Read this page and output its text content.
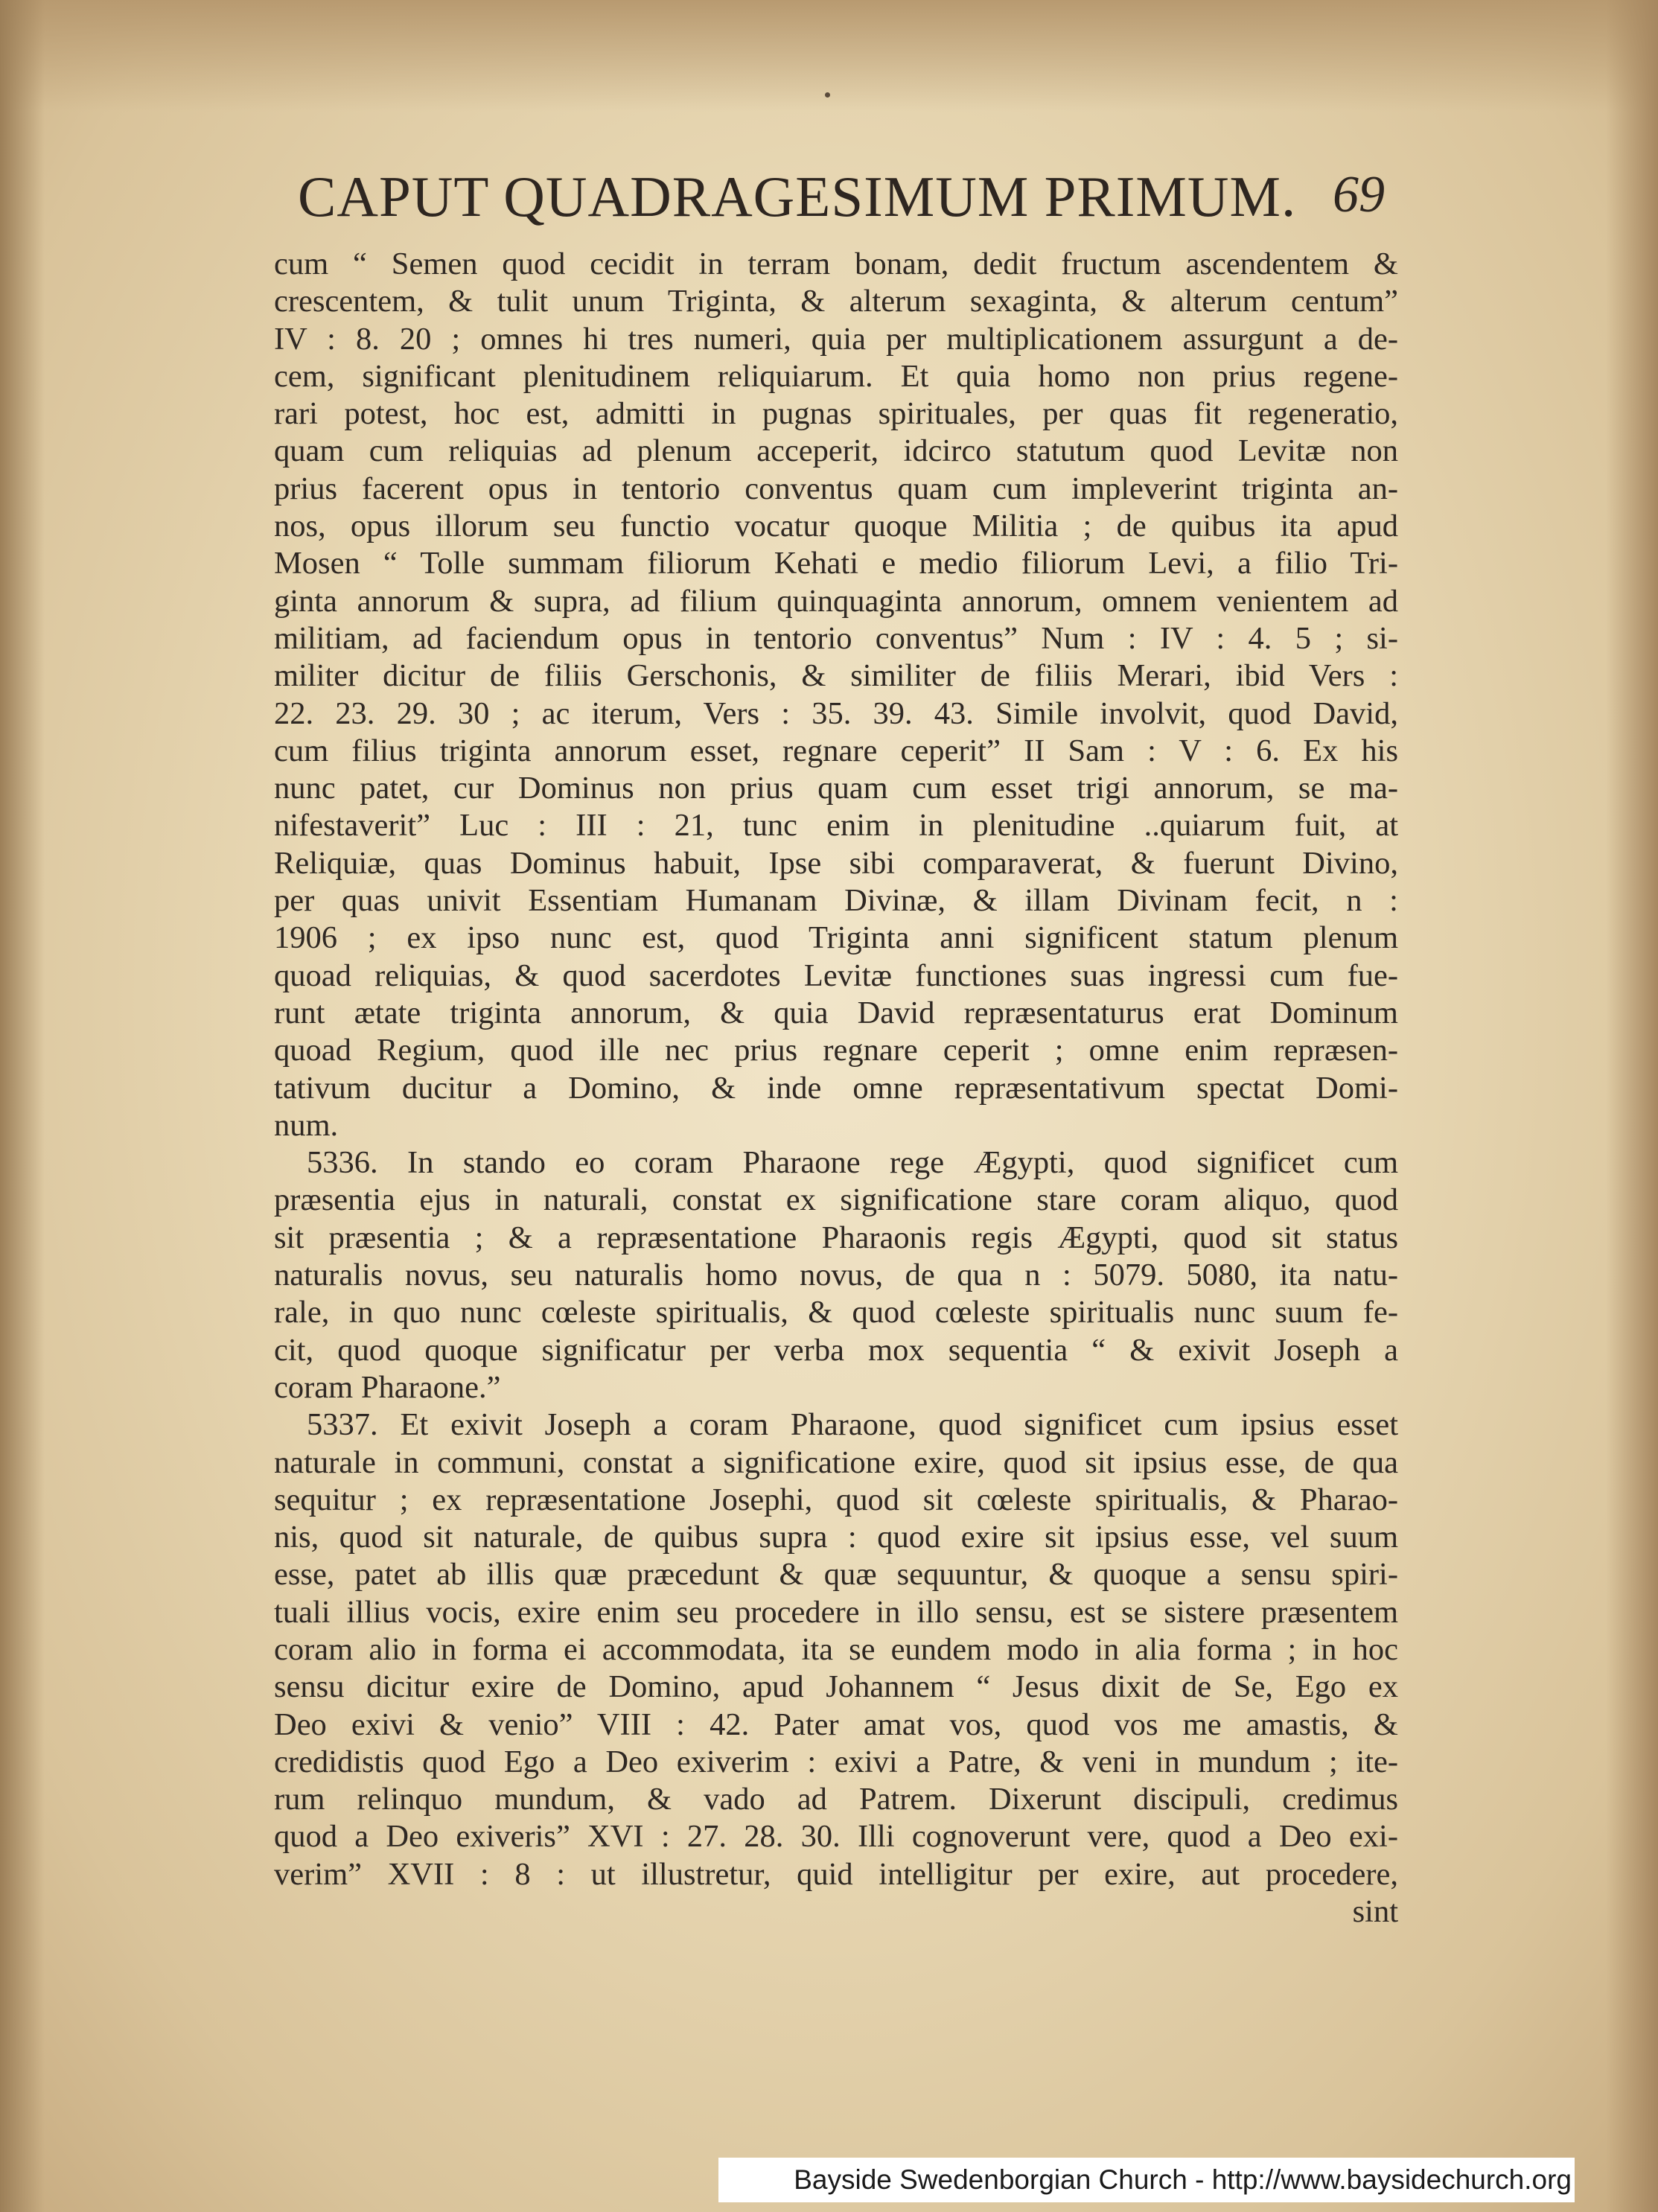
CAPUT QUADRAGESIMUM PRIMUM. 69
cum “ Semen quod cecidit in terram bonam, dedit fructum ascendentem &
crescentem, & tulit unum Triginta, & alterum sexaginta, & alterum centum”
IV : 8. 20 ; omnes hi tres numeri, quia per multiplicationem assurgunt a de-
cem, significant plenitudinem reliquiarum. Et quia homo non prius regene-
rari potest, hoc est, admitti in pugnas spirituales, per quas fit regeneratio,
quam cum reliquias ad plenum acceperit, idcirco statutum quod Levitæ non
prius facerent opus in tentorio conventus quam cum impleverint triginta an-
nos, opus illorum seu functio vocatur quoque Militia ; de quibus ita apud
Mosen “ Tolle summam filiorum Kehati e medio filiorum Levi, a filio Tri-
ginta annorum & supra, ad filium quinquaginta annorum, omnem venientem ad
militiam, ad faciendum opus in tentorio conventus” Num : IV : 4. 5 ; si-
militer dicitur de filiis Gerschonis, & similiter de filiis Merari, ibid Vers :
22. 23. 29. 30 ; ac iterum, Vers : 35. 39. 43. Simile involvit, quod David,
cum filius triginta annorum esset, regnare ceperit” II Sam : V : 6. Ex his
nunc patet, cur Dominus non prius quam cum esset trigi annorum, se ma-
nifestaverit” Luc : III : 21, tunc enim in plenitudine ..quiarum fuit, at
Reliquiæ, quas Dominus habuit, Ipse sibi comparaverat, & fuerunt Divino,
per quas univit Essentiam Humanam Divinæ, & illam Divinam fecit, n :
1906 ; ex ipso nunc est, quod Triginta anni significent statum plenum
quoad reliquias, & quod sacerdotes Levitæ functiones suas ingressi cum fue-
runt ætate triginta annorum, & quia David repræsentaturus erat Dominum
quoad Regium, quod ille nec prius regnare ceperit ; omne enim repræsen-
tativum ducitur a Domino, & inde omne repræsentativum spectat Domi-
num.
5336. In stando eo coram Pharaone rege Ægypti, quod significet cum
præsentia ejus in naturali, constat ex significatione stare coram aliquo, quod
sit præsentia ; & a repræsentatione Pharaonis regis Ægypti, quod sit status
naturalis novus, seu naturalis homo novus, de qua n : 5079. 5080, ita natu-
rale, in quo nunc cœleste spiritualis, & quod cœleste spiritualis nunc suum fe-
cit, quod quoque significatur per verba mox sequentia “ & exivit Joseph a
coram Pharaone.”
5337. Et exivit Joseph a coram Pharaone, quod significet cum ipsius esset
naturale in communi, constat a significatione exire, quod sit ipsius esse, de qua
sequitur ; ex repræsentatione Josephi, quod sit cœleste spiritualis, & Pharao-
nis, quod sit naturale, de quibus supra : quod exire sit ipsius esse, vel suum
esse, patet ab illis quæ præcedunt & quæ sequuntur, & quoque a sensu spiri-
tuali illius vocis, exire enim seu procedere in illo sensu, est se sistere præsentem
coram alio in forma ei accommodata, ita se eundem modo in alia forma ; in hoc
sensu dicitur exire de Domino, apud Johannem “ Jesus dixit de Se, Ego ex
Deo exivi & venio” VIII : 42. Pater amat vos, quod vos me amastis, &
credidistis quod Ego a Deo exiverim : exivi a Patre, & veni in mundum ; ite-
rum relinquo mundum, & vado ad Patrem. Dixerunt discipuli, credimus
quod a Deo exiveris” XVI : 27. 28. 30. Illi cognoverunt vere, quod a Deo exi-
verim” XVII : 8 : ut illustretur, quid intelligitur per exire, aut procedere,
sint
Bayside Swedenborgian Church - http://www.baysidechurch.org
